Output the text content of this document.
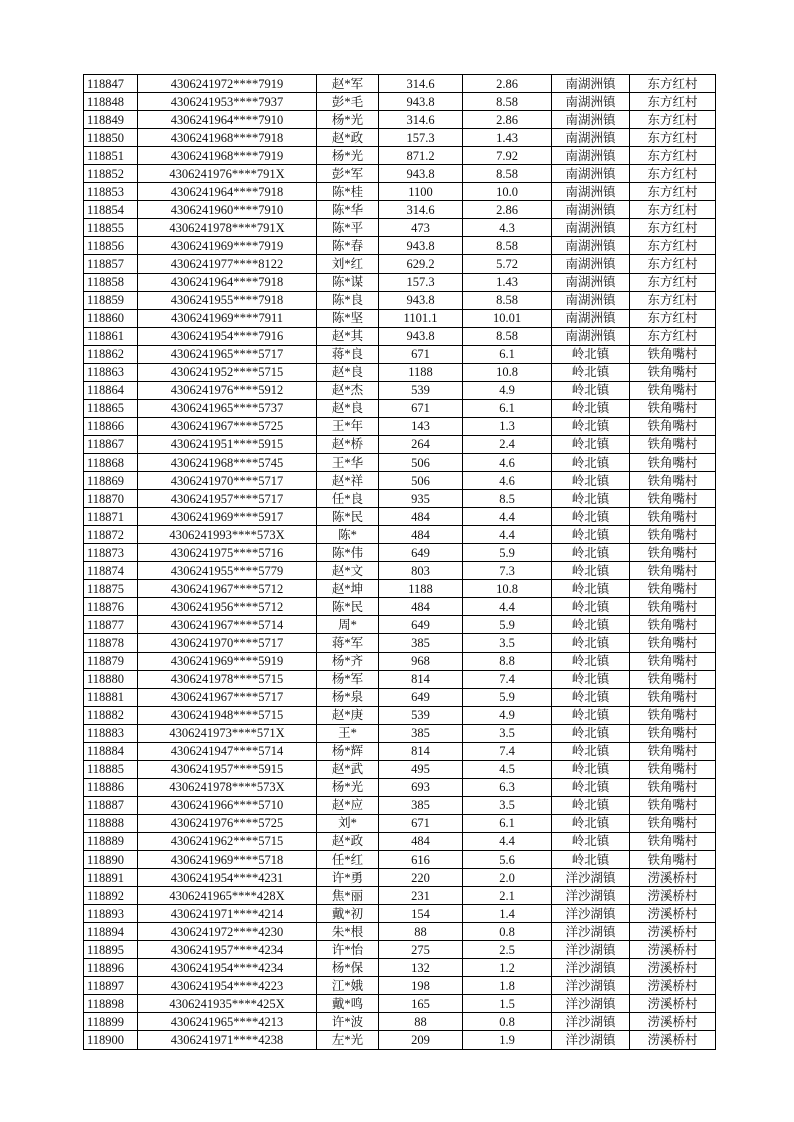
118847	4306241972****7919	赵*军	314.6	2.86	南湖洲镇	东方红村
118848	4306241953****7937	彭*毛	943.8	8.58	南湖洲镇	东方红村
118849	4306241964****7910	杨*光	314.6	2.86	南湖洲镇	东方红村
118850	4306241968****7918	赵*政	157.3	1.43	南湖洲镇	东方红村
118851	4306241968****7919	杨*光	871.2	7.92	南湖洲镇	东方红村
118852	4306241976****791X	彭*军	943.8	8.58	南湖洲镇	东方红村
118853	4306241964****7918	陈*桂	1100	10.0	南湖洲镇	东方红村
118854	4306241960****7910	陈*华	314.6	2.86	南湖洲镇	东方红村
118855	4306241978****791X	陈*平	473	4.3	南湖洲镇	东方红村
118856	4306241969****7919	陈*春	943.8	8.58	南湖洲镇	东方红村
118857	4306241977****8122	刘*红	629.2	5.72	南湖洲镇	东方红村
118858	4306241964****7918	陈*谋	157.3	1.43	南湖洲镇	东方红村
118859	4306241955****7918	陈*良	943.8	8.58	南湖洲镇	东方红村
118860	4306241969****7911	陈*坚	1101.1	10.01	南湖洲镇	东方红村
118861	4306241954****7916	赵*其	943.8	8.58	南湖洲镇	东方红村
118862	4306241965****5717	蒋*良	671	6.1	岭北镇	铁角嘴村
118863	4306241952****5715	赵*良	1188	10.8	岭北镇	铁角嘴村
118864	4306241976****5912	赵*杰	539	4.9	岭北镇	铁角嘴村
118865	4306241965****5737	赵*良	671	6.1	岭北镇	铁角嘴村
118866	4306241967****5725	王*年	143	1.3	岭北镇	铁角嘴村
118867	4306241951****5915	赵*桥	264	2.4	岭北镇	铁角嘴村
118868	4306241968****5745	王*华	506	4.6	岭北镇	铁角嘴村
118869	4306241970****5717	赵*祥	506	4.6	岭北镇	铁角嘴村
118870	4306241957****5717	任*良	935	8.5	岭北镇	铁角嘴村
118871	4306241969****5917	陈*民	484	4.4	岭北镇	铁角嘴村
118872	4306241993****573X	陈*	484	4.4	岭北镇	铁角嘴村
118873	4306241975****5716	陈*伟	649	5.9	岭北镇	铁角嘴村
118874	4306241955****5779	赵*文	803	7.3	岭北镇	铁角嘴村
118875	4306241967****5712	赵*坤	1188	10.8	岭北镇	铁角嘴村
118876	4306241956****5712	陈*民	484	4.4	岭北镇	铁角嘴村
118877	4306241967****5714	周*	649	5.9	岭北镇	铁角嘴村
118878	4306241970****5717	蒋*军	385	3.5	岭北镇	铁角嘴村
118879	4306241969****5919	杨*齐	968	8.8	岭北镇	铁角嘴村
118880	4306241978****5715	杨*军	814	7.4	岭北镇	铁角嘴村
118881	4306241967****5717	杨*泉	649	5.9	岭北镇	铁角嘴村
118882	4306241948****5715	赵*庚	539	4.9	岭北镇	铁角嘴村
118883	4306241973****571X	王*	385	3.5	岭北镇	铁角嘴村
118884	4306241947****5714	杨*辉	814	7.4	岭北镇	铁角嘴村
118885	4306241957****5915	赵*武	495	4.5	岭北镇	铁角嘴村
118886	4306241978****573X	杨*光	693	6.3	岭北镇	铁角嘴村
118887	4306241966****5710	赵*应	385	3.5	岭北镇	铁角嘴村
118888	4306241976****5725	刘*	671	6.1	岭北镇	铁角嘴村
118889	4306241962****5715	赵*政	484	4.4	岭北镇	铁角嘴村
118890	4306241969****5718	任*红	616	5.6	岭北镇	铁角嘴村
118891	4306241954****4231	许*勇	220	2.0	洋沙湖镇	涝溪桥村
118892	4306241965****428X	焦*丽	231	2.1	洋沙湖镇	涝溪桥村
118893	4306241971****4214	戴*初	154	1.4	洋沙湖镇	涝溪桥村
118894	4306241972****4230	朱*根	88	0.8	洋沙湖镇	涝溪桥村
118895	4306241957****4234	许*怡	275	2.5	洋沙湖镇	涝溪桥村
118896	4306241954****4234	杨*保	132	1.2	洋沙湖镇	涝溪桥村
118897	4306241954****4223	江*娥	198	1.8	洋沙湖镇	涝溪桥村
118898	4306241935****425X	戴*鸣	165	1.5	洋沙湖镇	涝溪桥村
118899	4306241965****4213	许*波	88	0.8	洋沙湖镇	涝溪桥村
118900	4306241971****4238	左*光	209	1.9	洋沙湖镇	涝溪桥村
